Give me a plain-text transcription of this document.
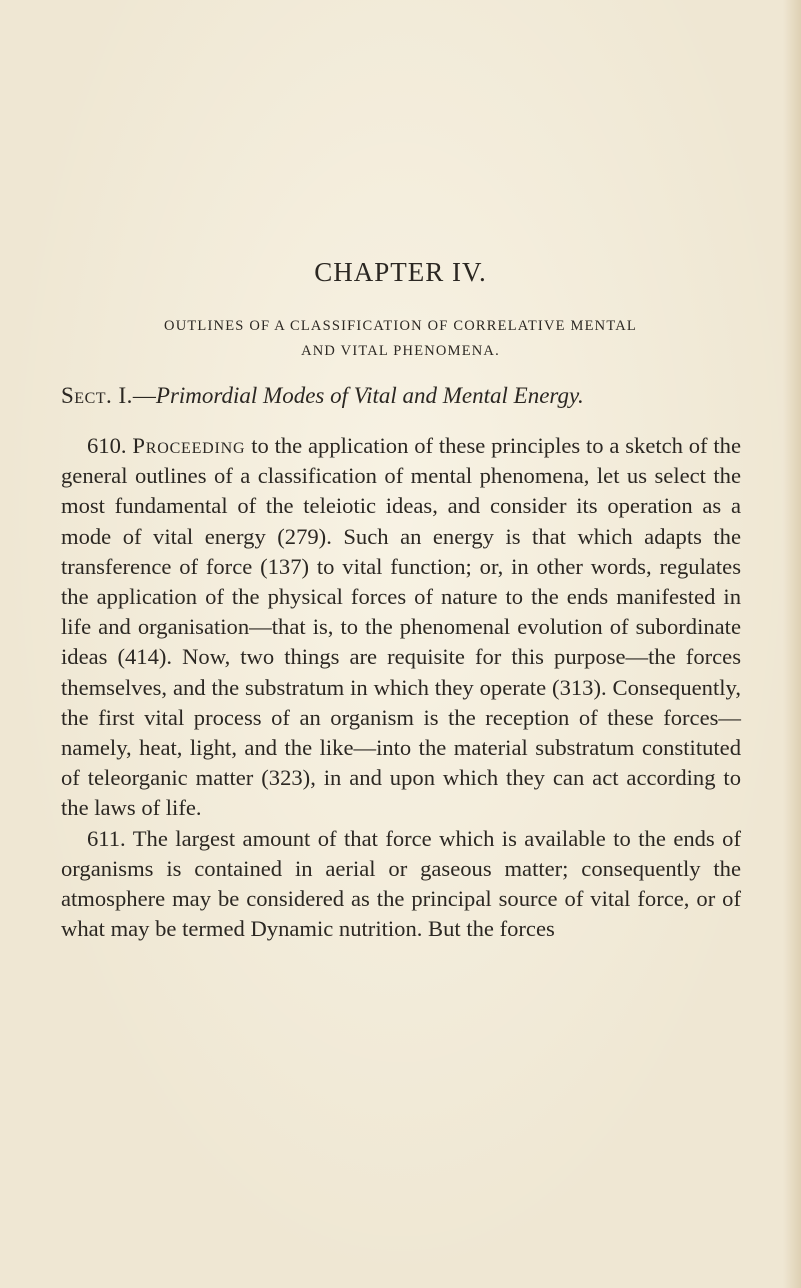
CHAPTER IV.
OUTLINES OF A CLASSIFICATION OF CORRELATIVE MENTAL
AND VITAL PHENOMENA.
Sect. I.—Primordial Modes of Vital and Mental Energy.

610. Proceeding to the application of these principles to a sketch of the general outlines of a classification of mental phenomena, let us select the most fundamental of the teleiotic ideas, and consider its operation as a mode of vital energy (279). Such an energy is that which adapts the transference of force (137) to vital function; or, in other words, regulates the application of the physical forces of nature to the ends manifested in life and organisation—that is, to the phenomenal evolution of subordinate ideas (414). Now, two things are requisite for this purpose—the forces themselves, and the substratum in which they operate (313). Consequently, the first vital process of an organism is the reception of these forces—namely, heat, light, and the like—into the material substratum constituted of teleorganic matter (323), in and upon which they can act according to the laws of life.

611. The largest amount of that force which is available to the ends of organisms is contained in aerial or gaseous matter; consequently the atmosphere may be considered as the principal source of vital force, or of what may be termed Dynamic nutrition. But the forces
